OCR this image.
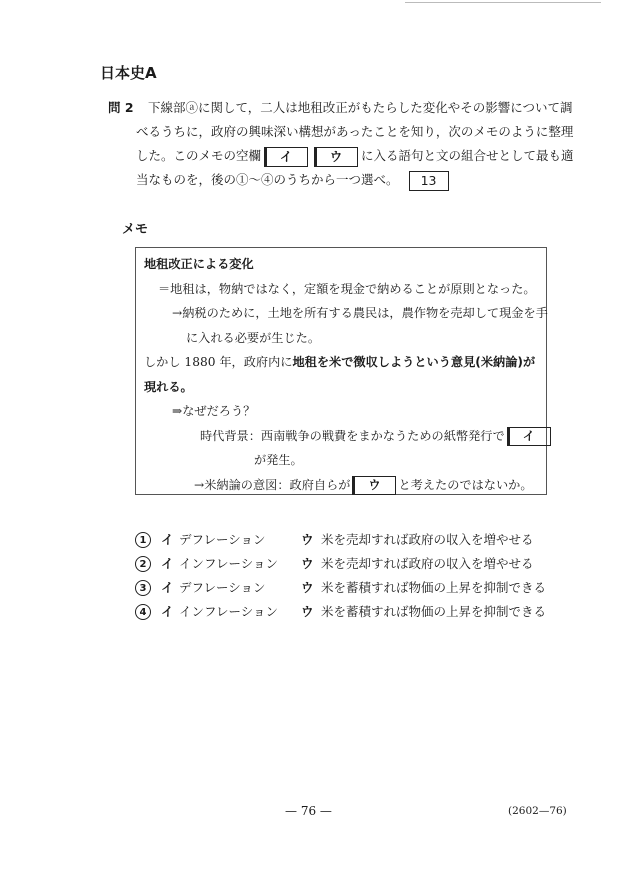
日本史A
問 2 下線部ⓐに関して，二人は地租改正がもたらした変化やその影響について調
べるうちに，政府の興味深い構想があったことを知り，次のメモのように整理
した。このメモの空欄 イ	ウ に入る語句と文の組合せとして最も適
当なものを，後の①～④のうちから一つ選べ。 13
メモ
地租改正による変化
＝地租は，物納ではなく，定額を現金で納めることが原則となった。
→納税のために，土地を所有する農民は，農作物を売却して現金を手
に入れる必要が生じた。
しかし 1880 年，政府内に地租を米で徴収しようという意見(米納論)が
現れる。
⇒なぜだろう？
時代背景：西南戦争の戦費をまかなうための紙幣発行で イ
が発生。
→米納論の意図：政府自らが ウ と考えたのではないか。
1	イ デフレーション	ウ 米を売却すれば政府の収入を増やせる
2	イ インフレーション	ウ 米を売却すれば政府の収入を増やせる
3	イ デフレーション	ウ 米を蓄積すれば物価の上昇を抑制できる
4	イ インフレーション	ウ 米を蓄積すれば物価の上昇を抑制できる
— 76 —	(2602—76)
